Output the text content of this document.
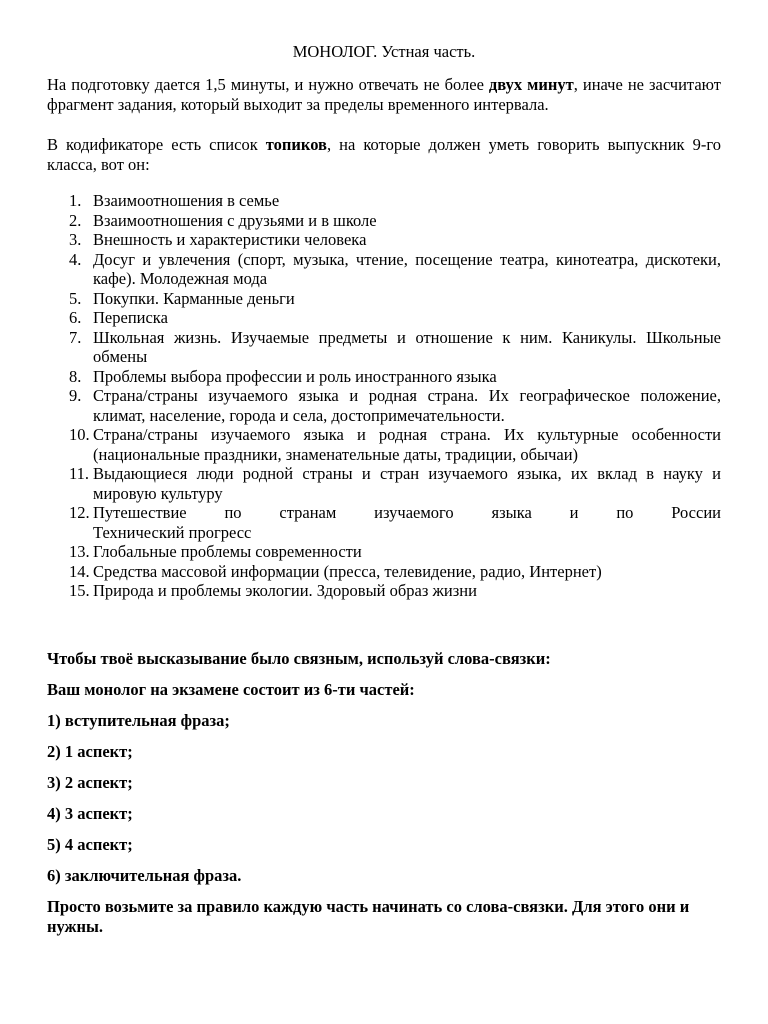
МОНОЛОГ. Устная часть.

На подготовку дается 1,5 минуты, и нужно отвечать не более двух минут, иначе не засчитают фрагмент задания, который выходит за пределы временного интервала.

В кодификаторе есть список топиков, на которые должен уметь говорить выпускник 9-го класса, вот он:

1. Взаимоотношения в семье
2. Взаимоотношения с друзьями и в школе
3. Внешность и характеристики человека
4. Досуг и увлечения (спорт, музыка, чтение, посещение театра, кинотеатра, дискотеки, кафе). Молодежная мода
5. Покупки. Карманные деньги
6. Переписка
7. Школьная жизнь. Изучаемые предметы и отношение к ним. Каникулы. Школьные обмены
8. Проблемы выбора профессии и роль иностранного языка
9. Страна/страны изучаемого языка и родная страна. Их географическое положение, климат, население, города и села, достопримечательности.
10. Страна/страны изучаемого языка и родная страна. Их культурные особенности (национальные праздники, знаменательные даты, традиции, обычаи)
11. Выдающиеся люди родной страны и стран изучаемого языка, их вклад в науку и мировую культуру
12. Путешествие по странам изучаемого языка и по России
Технический прогресс
13. Глобальные проблемы современности
14. Средства массовой информации (пресса, телевидение, радио, Интернет)
15. Природа и проблемы экологии. Здоровый образ жизни

Чтобы твоё высказывание было связным, используй слова-связки:

Ваш монолог на экзамене состоит из 6-ти частей:

1) вступительная фраза;

2) 1 аспект;

3) 2 аспект;

4) 3 аспект;

5) 4 аспект;

6) заключительная фраза.

Просто возьмите за правило каждую часть начинать со слова-связки. Для этого они и нужны.
